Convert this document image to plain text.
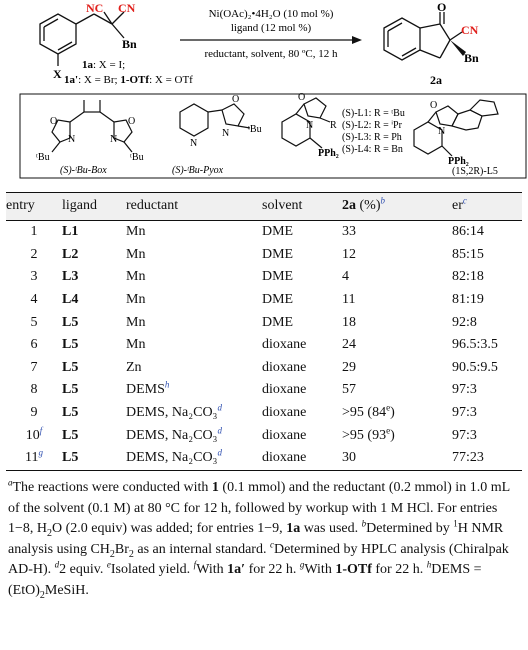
NC CN
Bn
X
1a: X = I;
1a': X = Br; 1-OTf: X = OTf
Ni(OAc)₂•4H₂O (10 mol %)
ligand (12 mol %)
reductant, solvent, 80 ºC, 12 h
O
CN
Bn
2a
O	O
N	N
ᵗBu	ᵗBu
(S)-ᵗBu-Box
N
O
N ᵗBu
(S)-ᵗBu-Pyox
O
N R
PPh₂
(S)-L1: R = ᵗBu
(S)-L2: R = ⁱPr
(S)-L3: R = Ph
(S)-L4: R = Bn
O
N
PPh₂
(1S,2R)-L5
entry	ligand	reductant	solvent	2a (%)$^b$	$er^c$
1	L1	Mn	DME	33	86:14
2	L2	Mn	DME	12	85:15
3	L3	Mn	DME	4	82:18
4	L4	Mn	DME	11	81:19
5	L5	Mn	DME	18	92:8
6	L5	Mn	dioxane	24	96.5:3.5
7	L5	Zn	dioxane	29	90.5:9.5
8	L5	DEMS$^h$	dioxane	57	97:3
9	L5	DEMS, Na₂CO₃$^d$	dioxane	>95 (84e)	97:3
10$^f$	L5	DEMS, Na₂CO₃$^d$	dioxane	>95 (93e)	97:3
11$^g$	L5	DEMS, Na₂CO₃$^d$	dioxane	30	77:23

$^a$The reactions were conducted with 1 (0.1 mmol) and the reductant (0.2 mmol) in 1.0 mL of the solvent (0.1 M) at 80 °C for 12 h, followed by workup with 1 M HCl. For entries 1−8, $H_2O$ (2.0 equiv) was added; for entries 1−9, 1a was used. $^b$Determined by $^1$H NMR analysis using $CH_2Br_2$ as an internal standard. $^c$Determined by HPLC analysis (Chiralpak AD-H). $^d$2 equiv. $^e$Isolated yield. $^f$With 1a′ for 22 h. $^g$With 1-OTf for 22 h. $^h$DEMS = $(EtO)_2MeSiH$.
